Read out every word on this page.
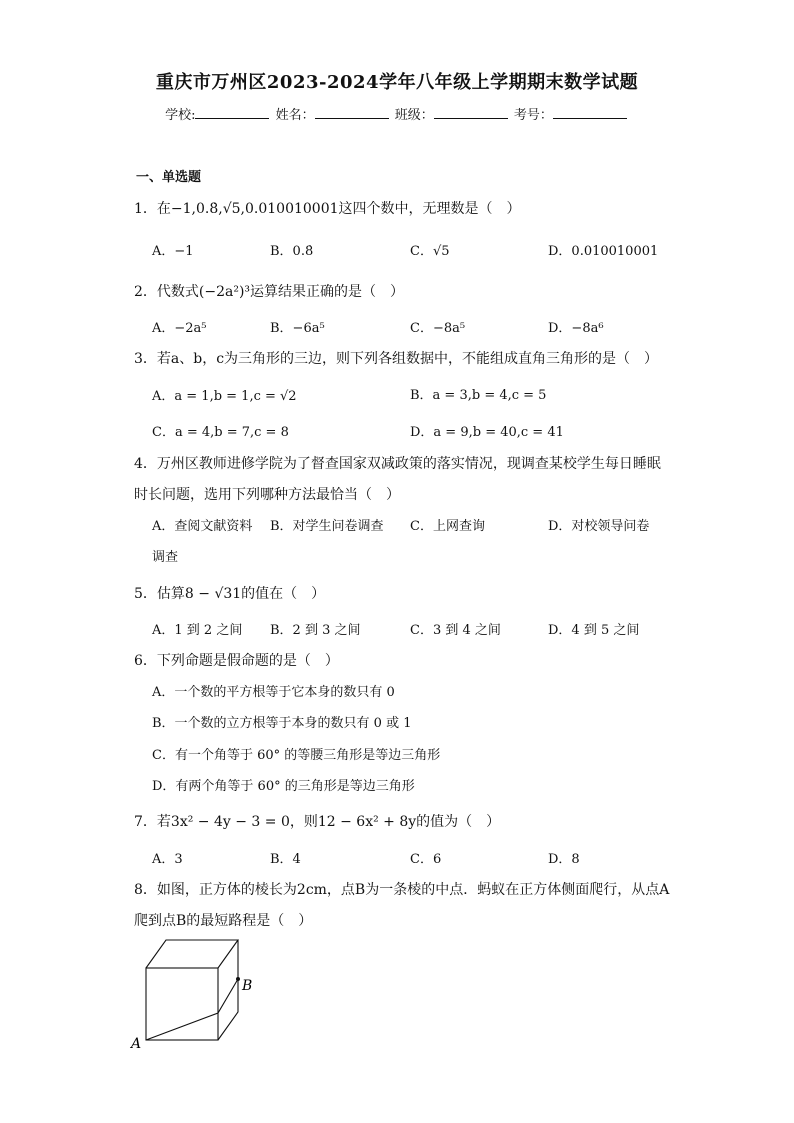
重庆市万州区2023-2024学年八年级上学期期末数学试题
学校:	姓名：	班级：	考号：
一、单选题
1．在−1,0.8̇,√5,0.010010001这四个数中，无理数是（　）
A．−1	B．0.8̇	C．√5	D．0.010010001
2．代数式(−2a²)³运算结果正确的是（　）
A．−2a⁵	B．−6a⁵	C．−8a⁵	D．−8a⁶
3．若a、b，c为三角形的三边，则下列各组数据中，不能组成直角三角形的是（　）
A．a = 1,b = 1,c = √2	B．a = 3,b = 4,c = 5
C．a = 4,b = 7,c = 8	D．a = 9,b = 40,c = 41
4．万州区教师进修学院为了督查国家双减政策的落实情况，现调查某校学生每日睡眠
时长问题，选用下列哪种方法最恰当（　）
A．查阅文献资料 B．对学生问卷调查 C．上网查询	D．对校领导问卷
调查
5．估算8 − √31的值在（　）
A．1 到 2 之间 B．2 到 3 之间	C．3 到 4 之间	D．4 到 5 之间
6．下列命题是假命题的是（　）
A．一个数的平方根等于它本身的数只有 0
B．一个数的立方根等于本身的数只有 0 或 1
C．有一个角等于 60° 的等腰三角形是等边三角形
D．有两个角等于 60° 的三角形是等边三角形
7．若3x² − 4y − 3 = 0，则12 − 6x² + 8y的值为（　）
A．3	B．4	C．6	D．8
8．如图，正方体的棱长为2cm，点B为一条棱的中点．蚂蚁在正方体侧面爬行，从点A
爬到点B的最短路程是（　）
A
B
